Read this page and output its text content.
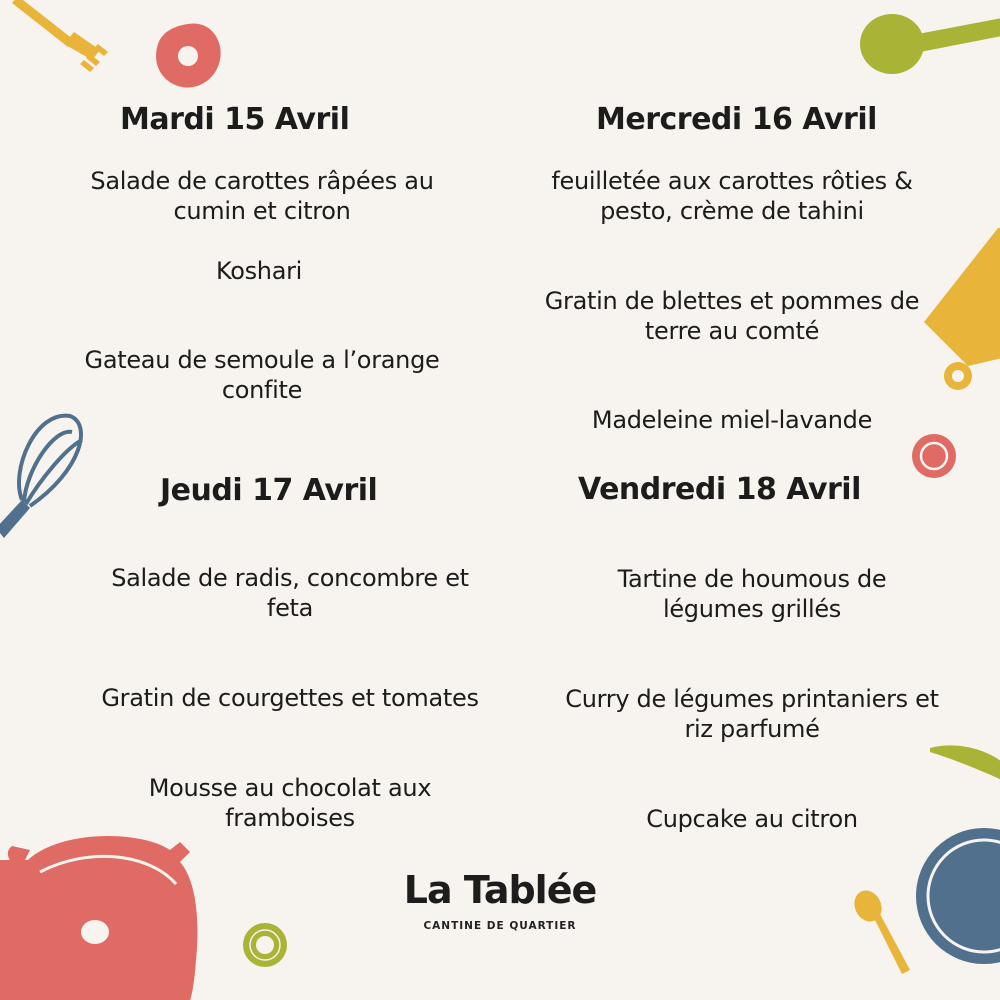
Mardi 15 Avril

Salade de carottes râpées au
cumin et citron

Koshari

Gateau de semoule a l’orange
confite

Mercredi 16 Avril

feuilletée aux carottes rôties &
pesto, crème de tahini

Gratin de blettes et pommes de
terre au comté

Madeleine miel-lavande

Jeudi 17 Avril

Salade de radis, concombre et
feta

Gratin de courgettes et tomates

Mousse au chocolat aux
framboises

Vendredi 18 Avril

Tartine de houmous de
légumes grillés

Curry de légumes printaniers et
riz parfumé

Cupcake au citron

La Tablée
CANTINE DE QUARTIER
